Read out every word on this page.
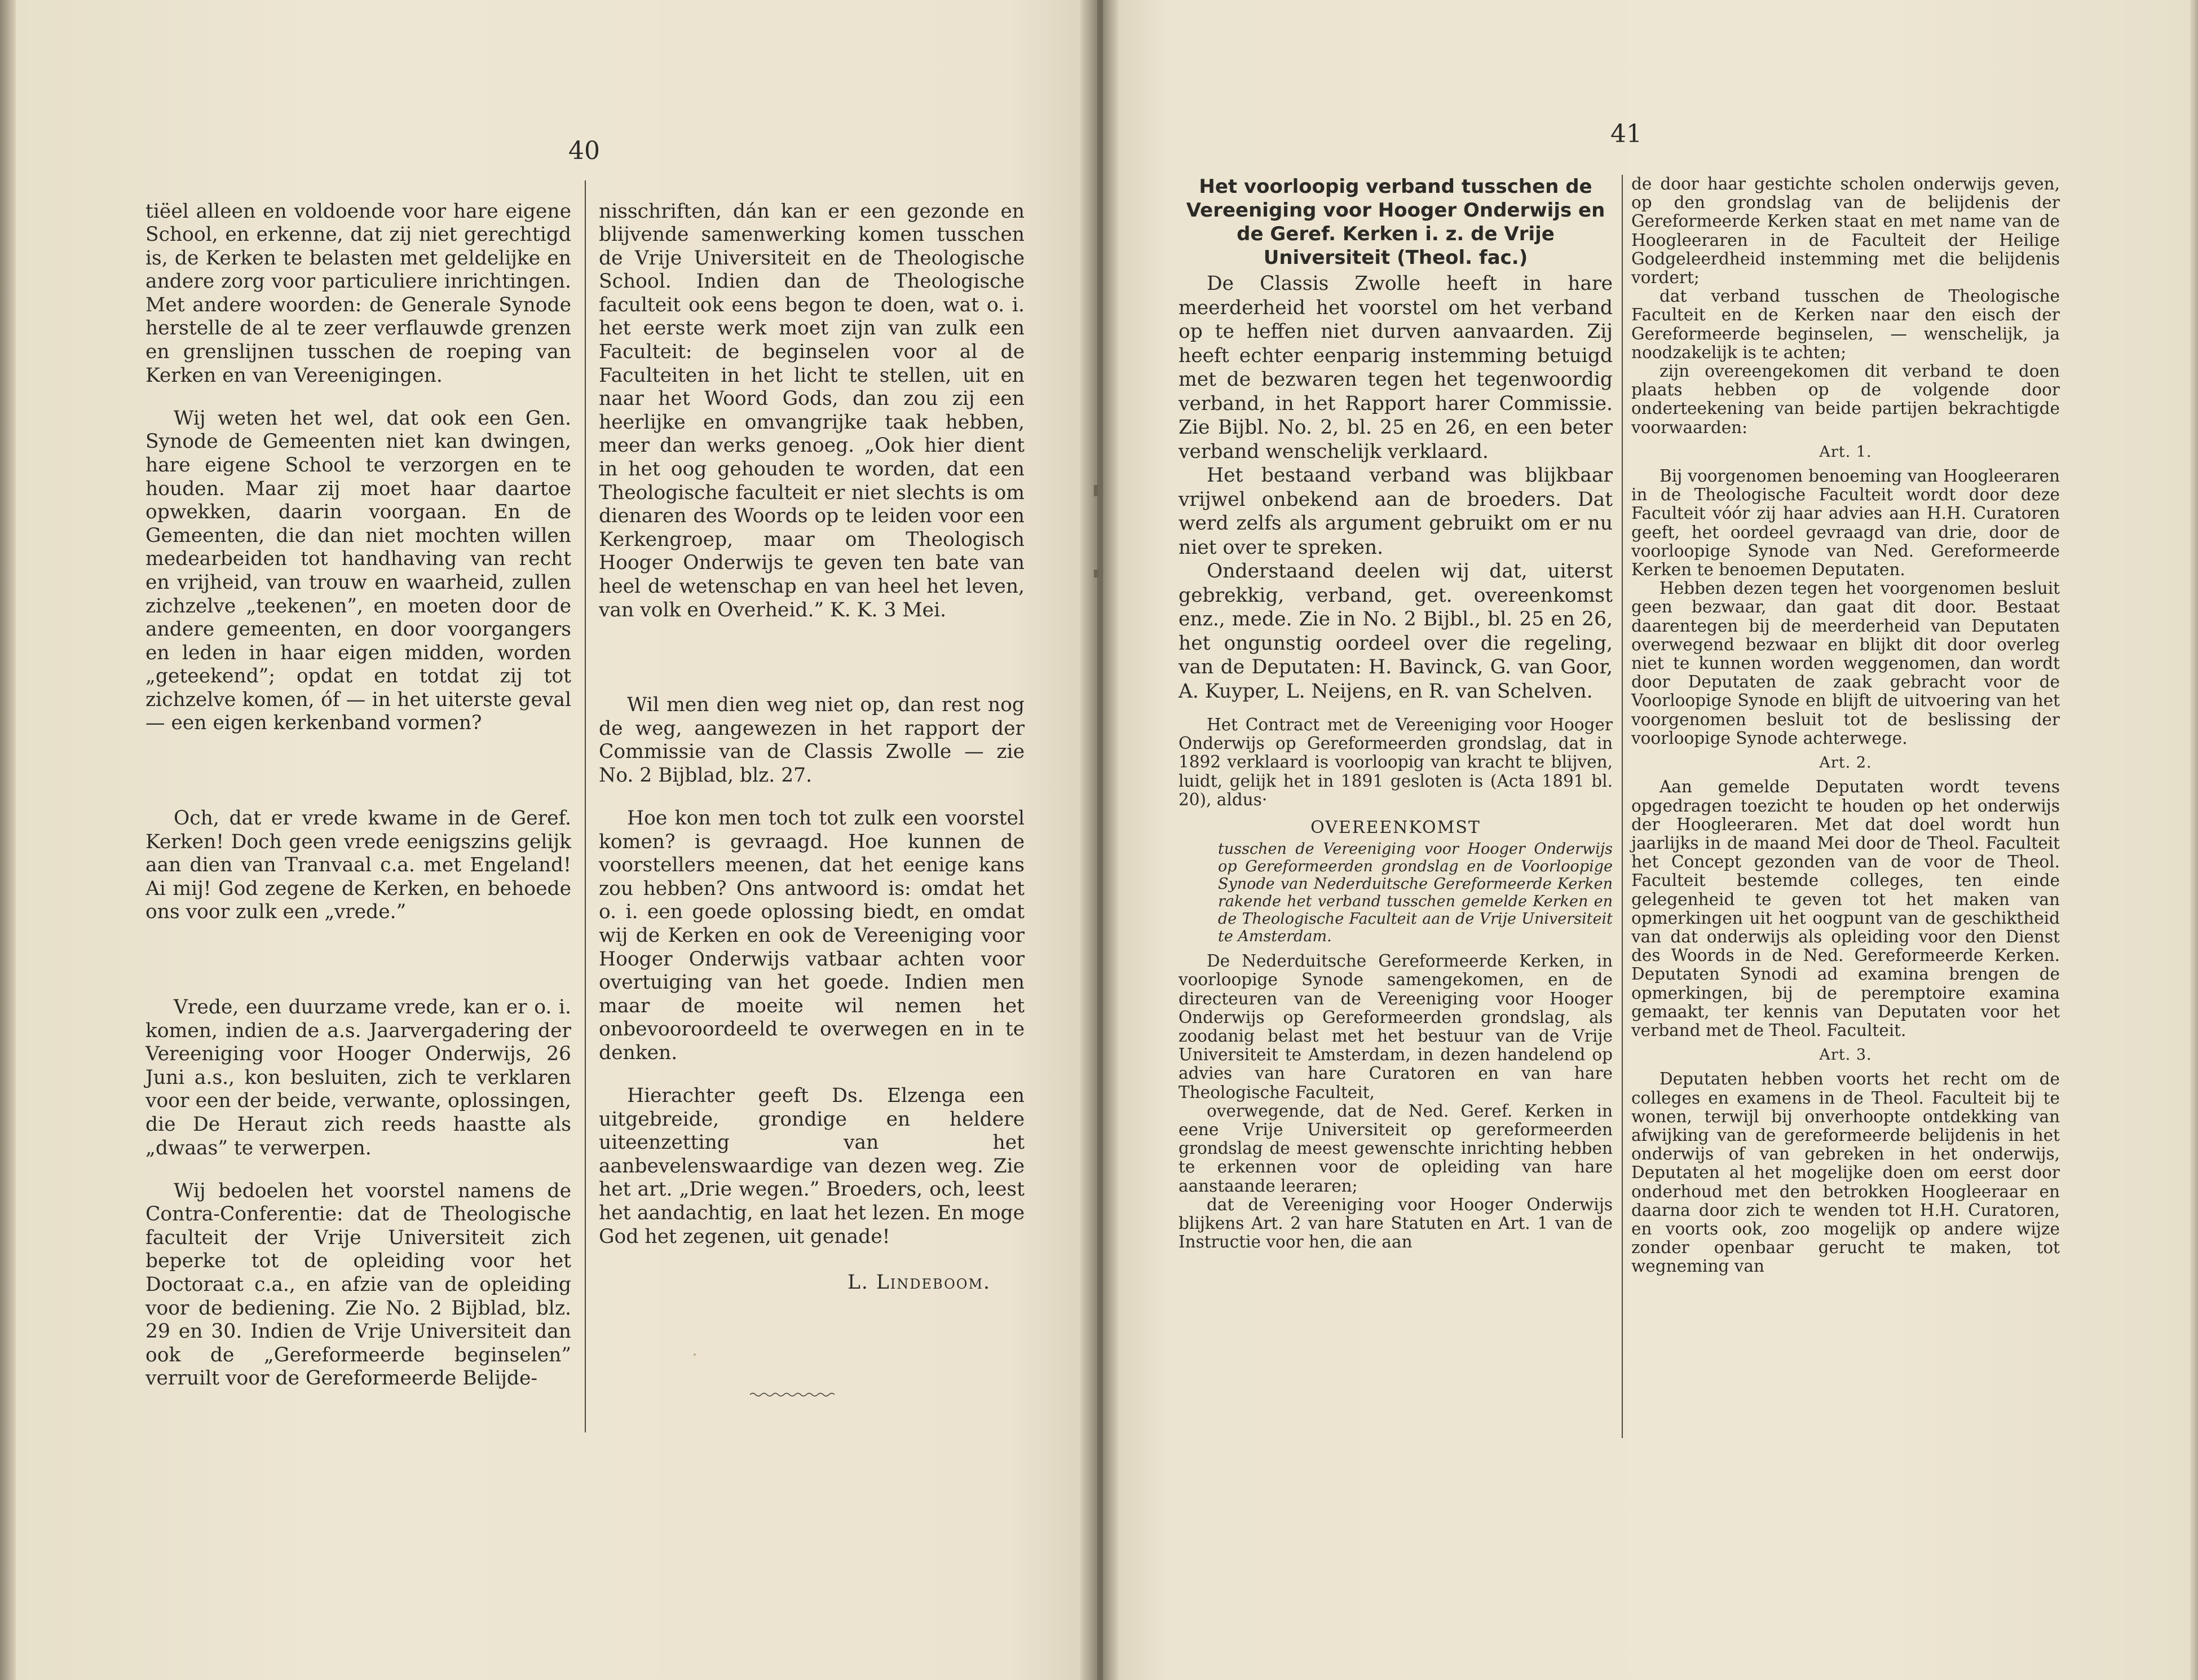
40

tiëel alleen en voldoende voor hare eigene School, en erkenne, dat zij niet gerechtigd is, de Kerken te belasten met geldelijke en andere zorg voor particuliere inrichtingen. Met andere woorden: de Generale Synode herstelle de al te zeer verflauwde grenzen en grenslijnen tusschen de roeping van Kerken en van Vereenigingen.

Wij weten het wel, dat ook een Gen. Synode de Gemeenten niet kan dwingen, hare eigene School te verzorgen en te houden. Maar zij moet haar daartoe opwekken, daarin voorgaan. En de Gemeenten, die dan niet mochten willen medearbeiden tot handhaving van recht en vrijheid, van trouw en waarheid, zullen zichzelve „teekenen”, en moeten door de andere gemeenten, en door voorgangers en leden in haar eigen midden, worden „geteekend”; opdat en totdat zij tot zichzelve komen, óf — in het uiterste geval — een eigen kerkenband vormen?

Och, dat er vrede kwame in de Geref. Kerken! Doch geen vrede eenigszins gelijk aan dien van Tranvaal c.a. met Engeland! Ai mij! God zegene de Kerken, en behoede ons voor zulk een „vrede.”

Vrede, een duurzame vrede, kan er o. i. komen, indien de a.s. Jaarvergadering der Vereeniging voor Hooger Onderwijs, 26 Juni a.s., kon besluiten, zich te verklaren voor een der beide, verwante, oplossingen, die De Heraut zich reeds haastte als „dwaas” te verwerpen.

Wij bedoelen het voorstel namens de Contra-Conferentie: dat de Theologische faculteit der Vrije Universiteit zich beperke tot de opleiding voor het Doctoraat c.a., en afzie van de opleiding voor de bediening. Zie No. 2 Bijblad, blz. 29 en 30. Indien de Vrije Universiteit dan ook de „Gereformeerde beginselen” verruilt voor de Gereformeerde Belijde-

nisschriften, dán kan er een gezonde en blijvende samenwerking komen tusschen de Vrije Universiteit en de Theologische School. Indien dan de Theologische faculteit ook eens begon te doen, wat o. i. het eerste werk moet zijn van zulk een Faculteit: de beginselen voor al de Faculteiten in het licht te stellen, uit en naar het Woord Gods, dan zou zij een heerlijke en omvangrijke taak hebben, meer dan werks genoeg. „Ook hier dient in het oog gehouden te worden, dat een Theologische faculteit er niet slechts is om dienaren des Woords op te leiden voor een Kerkengroep, maar om Theologisch Hooger Onderwijs te geven ten bate van heel de wetenschap en van heel het leven, van volk en Overheid.” K. K. 3 Mei.

Wil men dien weg niet op, dan rest nog de weg, aangewezen in het rapport der Commissie van de Classis Zwolle — zie No. 2 Bijblad, blz. 27.

Hoe kon men toch tot zulk een voorstel komen? is gevraagd. Hoe kunnen de voorstellers meenen, dat het eenige kans zou hebben? Ons antwoord is: omdat het o. i. een goede oplossing biedt, en omdat wij de Kerken en ook de Vereeniging voor Hooger Onderwijs vatbaar achten voor overtuiging van het goede. Indien men maar de moeite wil nemen het onbevooroordeeld te overwegen en in te denken.

Hierachter geeft Ds. Elzenga een uitgebreide, grondige en heldere uiteenzetting van het aanbevelenswaardige van dezen weg. Zie het art. „Drie wegen.” Broeders, och, leest het aandachtig, en laat het lezen. En moge God het zegenen, uit genade!

L. Lindeboom.
41
Het voorloopig verband tusschen de Vereeniging voor Hooger Onderwijs en de Geref. Kerken i. z. de Vrije Universiteit (Theol. fac.)

De Classis Zwolle heeft in hare meerderheid het voorstel om het verband op te heffen niet durven aanvaarden. Zij heeft echter eenparig instemming betuigd met de bezwaren tegen het tegenwoordig verband, in het Rapport harer Commissie. Zie Bijbl. No. 2, bl. 25 en 26, en een beter verband wenschelijk verklaard.

Het bestaand verband was blijkbaar vrijwel onbekend aan de broeders. Dat werd zelfs als argument gebruikt om er nu niet over te spreken.

Onderstaand deelen wij dat, uiterst gebrekkig, verband, get. overeenkomst enz., mede. Zie in No. 2 Bijbl., bl. 25 en 26, het ongunstig oordeel over die regeling, van de Deputaten: H. Bavinck, G. van Goor, A. Kuyper, L. Neijens, en R. van Schelven.

Het Contract met de Vereeniging voor Hooger Onderwijs op Gereformeerden grondslag, dat in 1892 verklaard is voorloopig van kracht te blijven, luidt, gelijk het in 1891 gesloten is (Acta 1891 bl. 20), aldus·

OVEREENKOMST

tusschen de Vereeniging voor Hooger Onderwijs op Gereformeerden grondslag en de Voorloopige Synode van Nederduitsche Gereformeerde Kerken rakende het verband tusschen gemelde Kerken en de Theologische Faculteit aan de Vrije Universiteit te Amsterdam.

De Nederduitsche Gereformeerde Kerken, in voorloopige Synode samengekomen, en de directeuren van de Vereeniging voor Hooger Onderwijs op Gereformeerden grondslag, als zoodanig belast met het bestuur van de Vrije Universiteit te Amsterdam, in dezen handelend op advies van hare Curatoren en van hare Theologische Faculteit,

overwegende, dat de Ned. Geref. Kerken in eene Vrije Universiteit op gereformeerden grondslag de meest gewenschte inrichting hebben te erkennen voor de opleiding van hare aanstaande leeraren;

dat de Vereeniging voor Hooger Onderwijs blijkens Art. 2 van hare Statuten en Art. 1 van de Instructie voor hen, die aan

de door haar gestichte scholen onderwijs geven, op den grondslag van de belijdenis der Gereformeerde Kerken staat en met name van de Hoogleeraren in de Faculteit der Heilige Godgeleerdheid instemming met die belijdenis vordert;

dat verband tusschen de Theologische Faculteit en de Kerken naar den eisch der Gereformeerde beginselen, — wenschelijk, ja noodzakelijk is te achten;

zijn overeengekomen dit verband te doen plaats hebben op de volgende door onderteekening van beide partijen bekrachtigde voorwaarden:

Art. 1.

Bij voorgenomen benoeming van Hoogleeraren in de Theologische Faculteit wordt door deze Faculteit vóór zij haar advies aan H.H. Curatoren geeft, het oordeel gevraagd van drie, door de voorloopige Synode van Ned. Gereformeerde Kerken te benoemen Deputaten.

Hebben dezen tegen het voorgenomen besluit geen bezwaar, dan gaat dit door. Bestaat daarentegen bij de meerderheid van Deputaten overwegend bezwaar en blijkt dit door overleg niet te kunnen worden weggenomen, dan wordt door Deputaten de zaak gebracht voor de Voorloopige Synode en blijft de uitvoering van het voorgenomen besluit tot de beslissing der voorloopige Synode achterwege.

Art. 2.

Aan gemelde Deputaten wordt tevens opgedragen toezicht te houden op het onderwijs der Hoogleeraren. Met dat doel wordt hun jaarlijks in de maand Mei door de Theol. Faculteit het Concept gezonden van de voor de Theol. Faculteit bestemde colleges, ten einde gelegenheid te geven tot het maken van opmerkingen uit het oogpunt van de geschiktheid van dat onderwijs als opleiding voor den Dienst des Woords in de Ned. Gereformeerde Kerken. Deputaten Synodi ad examina brengen de opmerkingen, bij de peremptoire examina gemaakt, ter kennis van Deputaten voor het verband met de Theol. Faculteit.

Art. 3.

Deputaten hebben voorts het recht om de colleges en examens in de Theol. Faculteit bij te wonen, terwijl bij onverhoopte ontdekking van afwijking van de gereformeerde belijdenis in het onderwijs of van gebreken in het onderwijs, Deputaten al het mogelijke doen om eerst door onderhoud met den betrokken Hoogleeraar en daarna door zich te wenden tot H.H. Curatoren, en voorts ook, zoo mogelijk op andere wijze zonder openbaar gerucht te maken, tot wegneming van
